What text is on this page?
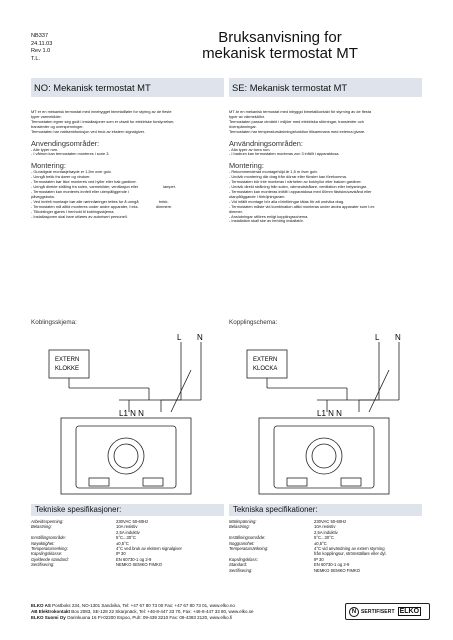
NB337
24.11.03
Rev 1.0
T.L.
Bruksanvisning for
mekanisk termostat MT
NO: Mekanisk termostat MT	SE: Mekanisk termostat MT
MT er en mekanisk termostat med innebygget bimetallføler for styring av de fleste
typer varmekilder.
Termostaten egner seg godt i installasjoner som er utsatt for elektriske forstyrrelser,
transienter og overspenninger.
Termostaten har nattsenkfunksjon ved bruk av ekstern signalgiver.
Anvendingsområder:
- Alle typer rom.
- I våtrom kan termostaten monteres i sone 3.
Montering:
- Gunstigste montasjehøyde er 1,5m over gulv.
- Unngå trekk fra dører og vinduer.
- Termostaten bør ikke monteres ved hyller eller bak gardiner.
- Unngå direkte stråling fra solen, varmekilder, ventilasjon eller                       lamper.
- Termostaten kan monteres innfelt eller utenpåliggende i
påveggsboks.
- Ved innfelt montasje bør alle rørinnføringer tettes for å unngå                   trekk.
- Termostaten må alltid monteres under andre apparater, f.eks.                dimmere.
- Tilkoblinger gjøres i henhold til koblingsskjema.
- Installasjonen skal bare utføres av autorisert personell.
MT är en mekanisk termostat med inbyggd bimetallkontakt för styrning av de flesta
typer av värmekällor.
Termostaten passar utmärkt i miljöer med elektriska störningar, transienter och
överspänningar.
Termostaten har temperatursänkningsfunktion tillsammans med externa givare.
Användningsområden:
- Alla typer av torra rum.
- I badrum kan termostaten monteras zon 3 infällt i apparatdosa.
Montering:
- Rekommenderad montagehöjd är 1,5 m över golv.
- Undvik montering där drag från dörrar eller fönster kan förekomma.
- Termostaten bör inte monteras i närheten av bokhyllor eller bakom gardiner.
- Undvik direkt strålning från solen, värmeutstrålare, ventilation eller belysningar.
- Termostaten kan monteras infällt i apparatdosa med 60mm fästskruvavstånd eller
utanpåliggande i förhöjningsram.
- Vid infällt montage bör alla rörinföringar tätas för att undvika drag.
- Termostaten måste vid kombination alltid monteras under andra apparater som t.ex
dimmer.
- Anslutningar utföres enligt kopplingsschema.
- Installation skall ske av behörig installatör.
Koblingsskjema:	Kopplingschema:
EXTERN
KLOKKE
L N
L1 N N
EXTERN
KLOCKA
L N
L1 N N
Tekniske spesifikasjoner:	Tekniska specifikationer:
Arbeidsspenning:	230VAC 50-60Hz
Belastning:	10A resistiv
2,5A induktiv
Innstillingsområde:	5°C...30°C
Nøyaktighet:	±0,5°C
Temperatursenking:	4°C ved bruk av ekstern signalgiver
Kapslingsklasse:	IP 30
Gjeldende standard:	EN 60730-1 og 2-9
Sertifisering:	NEMKO SEMKO FIMKO
Märkspänning:	230VAC 50-60Hz
Belastning:	10A resistiv
2,5A induktiv
Inställningsområde:	5°C...30°C
Noggrannhet:	±0,5°C
Temperatursänkning:	4°C vid användning av extern styrning
från kopplingsur, strömställare eller dyl.
Kapslingsklass:	IP 30
Standard:	EN 60730-1 og 2-9
Sertifisering:	NEMKO SEMKO FIMKO
ELKO AS Postboks 234, NO-1301 Sandvika, Tel: +47 67 80 73 00 Fax: +47 67 80 73 01, www.elko.no
AB Elektrokontakt Box 2083, SE-128 22 Skarpnäck, Tel: +46-8-447 33 70, Fax: +46-8-447 33 80, www.elko.se
ELKO Suomi Oy Oarinkuona 16 FI-02200 Espoo, Puh: 09-439 3210 Fax: 09-4393 2120, www.elko.fi
N SERTIFISERT ELKO
